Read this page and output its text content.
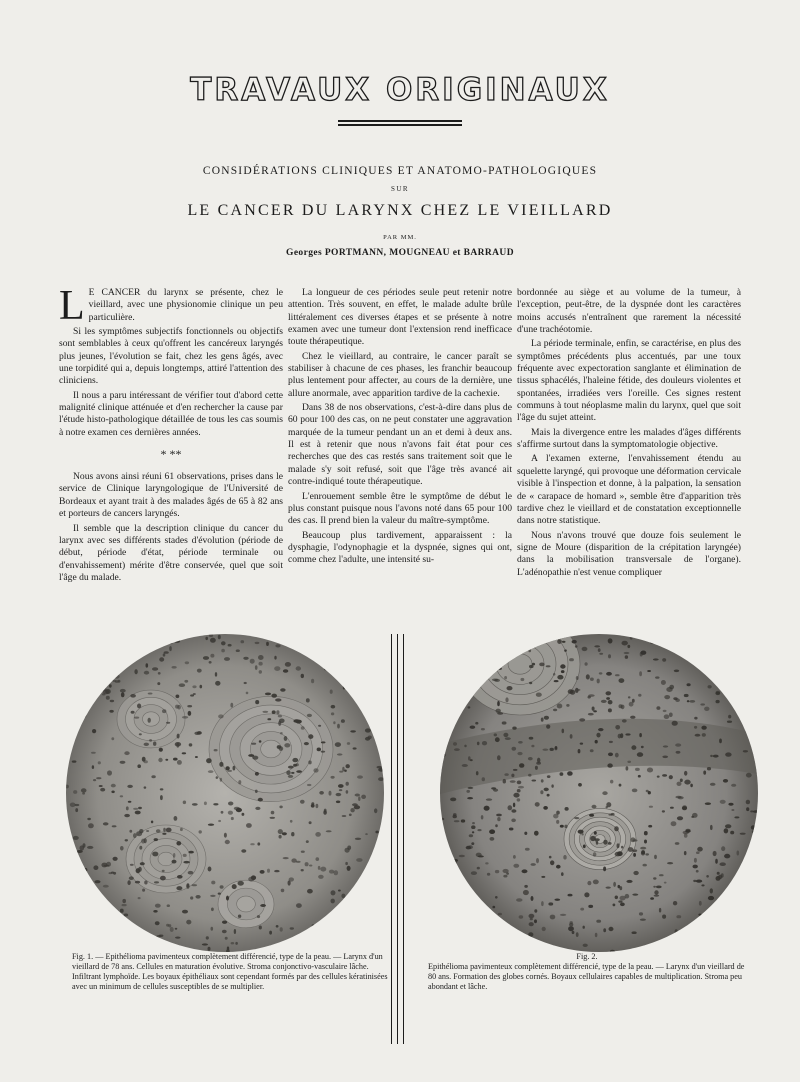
TRAVAUX ORIGINAUX
CONSIDÉRATIONS CLINIQUES ET ANATOMO-PATHOLOGIQUES
SUR
LE CANCER DU LARYNX CHEZ LE VIEILLARD
PAR MM.
Georges PORTMANN, MOUGNEAU et BARRAUD

L E CANCER du larynx se présente, chez le vieillard, avec une physionomie clinique un peu particulière.

Si les symptômes subjectifs fonctionnels ou objectifs sont semblables à ceux qu'offrent les cancéreux laryngés plus jeunes, l'évolution se fait, chez les gens âgés, avec une torpidité qui a, depuis longtemps, attiré l'attention des cliniciens.

Il nous a paru intéressant de vérifier tout d'abord cette malignité clinique atténuée et d'en rechercher la cause par l'étude histo-pathologique détaillée de tous les cas soumis à notre examen ces dernières années.

* **

Nous avons ainsi réuni 61 observations, prises dans le service de Clinique laryngologique de l'Université de Bordeaux et ayant trait à des malades âgés de 65 à 82 ans et porteurs de cancers laryngés.

Il semble que la description clinique du cancer du larynx avec ses différents stades d'évolution (période de début, période d'état, période terminale ou d'envahissement) mérite d'être conservée, quel que soit l'âge du malade.

La longueur de ces périodes seule peut retenir notre attention. Très souvent, en effet, le malade adulte brûle littéralement ces diverses étapes et se présente à notre examen avec une tumeur dont l'extension rend inefficace toute thérapeutique.

Chez le vieillard, au contraire, le cancer paraît se stabiliser à chacune de ces phases, les franchir beaucoup plus lentement pour affecter, au cours de la dernière, une allure anormale, avec apparition tardive de la cachexie.

Dans 38 de nos observations, c'est-à-dire dans plus de 60 pour 100 des cas, on ne peut constater une aggravation marquée de la tumeur pendant un an et demi à deux ans. Il est à retenir que nous n'avons fait état pour ces recherches que des cas restés sans traitement soit que le malade s'y soit refusé, soit que l'âge très avancé ait contre-indiqué toute thérapeutique.

L'enrouement semble être le symptôme de début le plus constant puisque nous l'avons noté dans 65 pour 100 des cas. Il prend bien la valeur du maître-symptôme.

Beaucoup plus tardivement, apparaissent : la dysphagie, l'odynophagie et la dyspnée, signes qui ont, comme chez l'adulte, une intensité su-

bordonnée au siège et au volume de la tumeur, à l'exception, peut-être, de la dyspnée dont les caractères moins accusés n'entraînent que rarement la nécessité d'une trachéotomie.

La période terminale, enfin, se caractérise, en plus des symptômes précédents plus accentués, par une toux fréquente avec expectoration sanglante et élimination de tissus sphacélés, l'haleine fétide, des douleurs violentes et spontanées, irradiées vers l'oreille. Ces signes restent communs à tout néoplasme malin du larynx, quel que soit l'âge du sujet atteint.

Mais la divergence entre les malades d'âges différents s'affirme surtout dans la symptomatologie objective.

A l'examen externe, l'envahissement étendu au squelette laryngé, qui provoque une déformation cervicale visible à l'inspection et donne, à la palpation, la sensation de « carapace de homard », semble être d'apparition très tardive chez le vieillard et de constatation exceptionnelle dans notre statistique.

Nous n'avons trouvé que douze fois seulement le signe de Moure (disparition de la crépitation laryngée) dans la mobilisation transversale de l'organe). L'adénopathie n'est venue compliquer

Fig. 1. — Epithélioma pavimenteux complètement différencié, type de la peau. — Larynx d'un vieillard de 78 ans. Cellules en maturation évolutive. Stroma conjonctivo-vasculaire lâche. Infiltrant lymphoïde. Les boyaux épithéliaux sont cependant formés par des cellules kératinisées avec un minimum de cellules susceptibles de se multiplier.
Fig. 2.
Epithélioma pavimenteux complètement différencié, type de la peau. — Larynx d'un vieillard de 80 ans. Formation des globes cornés. Boyaux cellulaires capables de multiplication. Stroma peu abondant et lâche.
